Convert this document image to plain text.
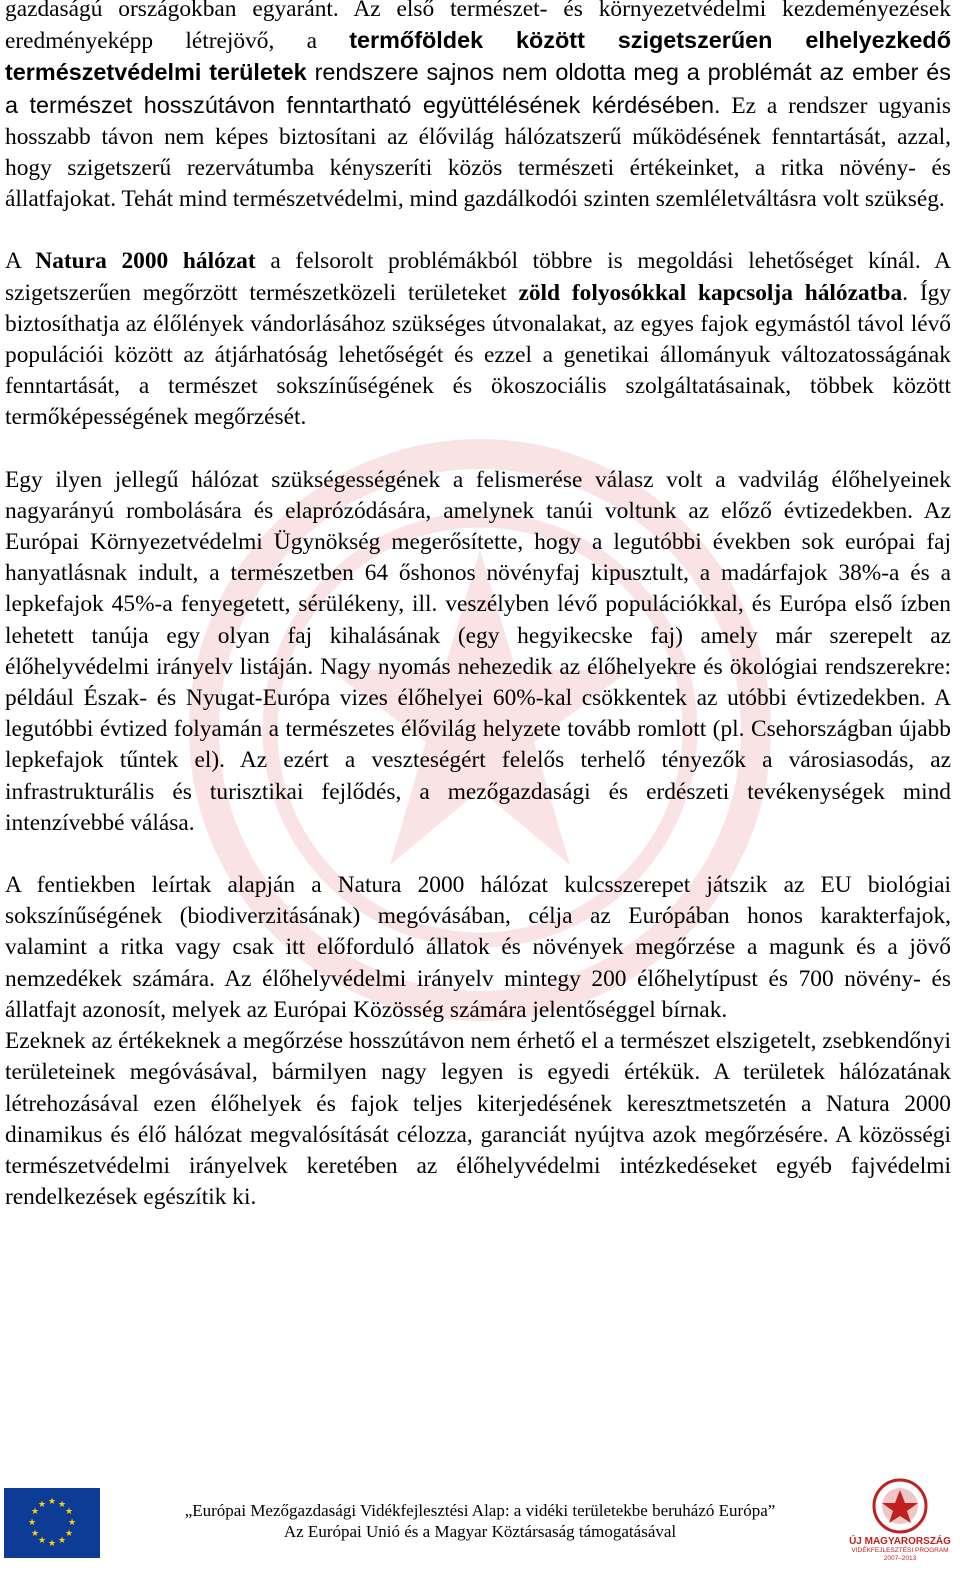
gazdaságú országokban egyaránt. Az első természet- és környezetvédelmi kezdeményezések eredményeképp létrejövő, a termőföldek között szigetszerűen elhelyezkedő természetvédelmi területek rendszere sajnos nem oldotta meg a problémát az ember és a természet hosszútávon fenntartható együttélésének kérdésében. Ez a rendszer ugyanis hosszabb távon nem képes biztosítani az élővilág hálózatszerű működésének fenntartását, azzal, hogy szigetszerű rezervátumba kényszeríti közös természeti értékeinket, a ritka növény- és állatfajokat. Tehát mind természetvédelmi, mind gazdálkodói szinten szemléletváltásra volt szükség.

A Natura 2000 hálózat a felsorolt problémákból többre is megoldási lehetőséget kínál. A szigetszerűen megőrzött természetközeli területeket zöld folyosókkal kapcsolja hálózatba. Így biztosíthatja az élőlények vándorlásához szükséges útvonalakat, az egyes fajok egymástól távol lévő populációi között az átjárhatóság lehetőségét és ezzel a genetikai állományuk változatosságának fenntartását, a természet sokszínűségének és ökoszociális szolgáltatásainak, többek között termőképességének megőrzését.

Egy ilyen jellegű hálózat szükségességének a felismerése válasz volt a vadvilág élőhelyeinek nagyarányú rombolására és elaprózódására, amelynek tanúi voltunk az előző évtizedekben. Az Európai Környezetvédelmi Ügynökség megerősítette, hogy a legutóbbi években sok európai faj hanyatlásnak indult, a természetben 64 őshonos növényfaj kipusztult, a madárfajok 38%-a és a lepkefajok 45%-a fenyegetett, sérülékeny, ill. veszélyben lévő populációkkal, és Európa első ízben lehetett tanúja egy olyan faj kihalásának (egy hegyikecske faj) amely már szerepelt az élőhelyvédelmi irányelv listáján. Nagy nyomás nehezedik az élőhelyekre és ökológiai rendszerekre: például Észak- és Nyugat-Európa vizes élőhelyei 60%-kal csökkentek az utóbbi évtizedekben. A legutóbbi évtized folyamán a természetes élővilág helyzete tovább romlott (pl. Csehországban újabb lepkefajok tűntek el). Az ezért a veszteségért felelős terhelő tényezők a városiasodás, az infrastrukturális és turisztikai fejlődés, a mezőgazdasági és erdészeti tevékenységek mind intenzívebbé válása.

A fentiekben leírtak alapján a Natura 2000 hálózat kulcsszerepet játszik az EU biológiai sokszínűségének (biodiverzitásának) megóvásában, célja az Európában honos karakterfajok, valamint a ritka vagy csak itt előforduló állatok és növények megőrzése a magunk és a jövő nemzedékek számára. Az élőhelyvédelmi irányelv mintegy 200 élőhelytípust és 700 növény- és állatfajt azonosít, melyek az Európai Közösség számára jelentőséggel bírnak.

Ezeknek az értékeknek a megőrzése hosszútávon nem érhető el a természet elszigetelt, zsebkendőnyi területeinek megóvásával, bármilyen nagy legyen is egyedi értékük. A területek hálózatának létrehozásával ezen élőhelyek és fajok teljes kiterjedésének keresztmetszetén a Natura 2000 dinamikus és élő hálózat megvalósítását célozza, garanciát nyújtva azok megőrzésére. A közösségi természetvédelmi irányelvek keretében az élőhelyvédelmi intézkedéseket egyéb fajvédelmi rendelkezések egészítik ki.

★ ★
★
★
★
★
★
★
★
★
★
★	„Európai Mezőgazdasági Vidékfejlesztési Alap: a vidéki területekbe beruházó Európa”
Az Európai Unió és a Magyar Köztársaság támogatásával
ÚJ MAGYARORSZÁG
VIDÉKFEJLESZTÉSI PROGRAM
2007–2013
